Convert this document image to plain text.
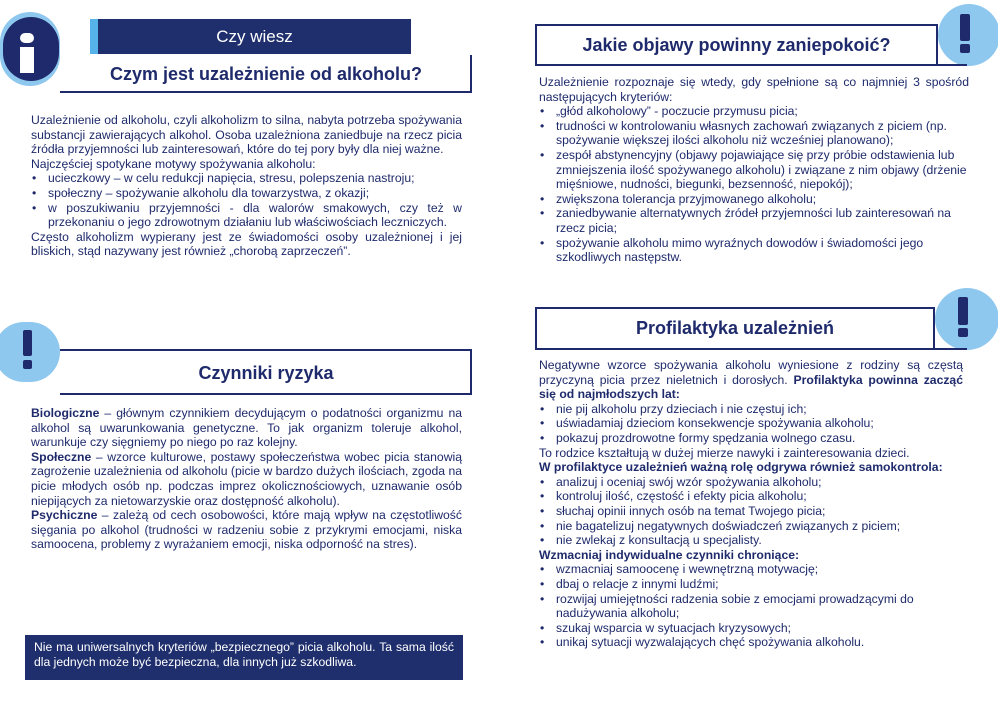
Czy wiesz
Czym jest uzależnienie od alkoholu?

Uzależnienie od alkoholu, czyli alkoholizm to silna, nabyta potrzeba spożywania substancji zawierających alkohol. Osoba uzależniona zaniedbuje na rzecz picia źródła przyjemności lub zainteresowań, które do tej pory były dla niej ważne.

Najczęściej spotykane motywy spożywania alkoholu:

• ucieczkowy – w celu redukcji napięcia, stresu, polepszenia nastroju;
• społeczny – spożywanie alkoholu dla towarzystwa, z okazji;
• w poszukiwaniu przyjemności - dla walorów smakowych, czy też w przekonaniu o jego zdrowotnym działaniu lub właściwościach leczniczych.

Często alkoholizm wypierany jest ze świadomości osoby uzależnionej i jej bliskich, stąd nazywany jest również „chorobą zaprzeczeń”.

Czynniki ryzyka

Biologiczne – głównym czynnikiem decydującym o podatności organizmu na alkohol są uwarunkowania genetyczne. To jak organizm toleruje alkohol, warunkuje czy sięgniemy po niego po raz kolejny.

Społeczne – wzorce kulturowe, postawy społeczeństwa wobec picia stanowią zagrożenie uzależnienia od alkoholu (picie w bardzo dużych ilościach, zgoda na picie młodych osób np. podczas imprez okolicznościowych, uznawanie osób niepijących za nietowarzyskie oraz dostępność alkoholu).

Psychiczne – zależą od cech osobowości, które mają wpływ na częstotliwość sięgania po alkohol (trudności w radzeniu sobie z przykrymi emocjami, niska samoocena, problemy z wyrażaniem emocji, niska odporność na stres).

Nie ma uniwersalnych kryteriów „bezpiecznego” picia alkoholu. Ta sama ilość dla jednych może być bezpieczna, dla innych już szkodliwa.
Jakie objawy powinny zaniepokoić?

Uzależnienie rozpoznaje się wtedy, gdy spełnione są co najmniej 3 spośród następujących kryteriów:

• „głód alkoholowy” - poczucie przymusu picia;
• trudności w kontrolowaniu własnych zachowań związanych z piciem (np. spożywanie większej ilości alkoholu niż wcześniej planowano);
• zespół abstynencyjny (objawy pojawiające się przy próbie odstawienia lub zmniejszenia ilość spożywanego alkoholu) i związane z nim objawy (drżenie mięśniowe, nudności, biegunki, bezsenność, niepokój);
• zwiększona tolerancja przyjmowanego alkoholu;
• zaniedbywanie alternatywnych źródeł przyjemności lub zainteresowań na rzecz picia;
• spożywanie alkoholu mimo wyraźnych dowodów i świadomości jego szkodliwych następstw.
Profilaktyka uzależnień

Negatywne wzorce spożywania alkoholu wyniesione z rodziny są częstą przyczyną picia przez nieletnich i dorosłych. Profilaktyka powinna zacząć się od najmłodszych lat:

• nie pij alkoholu przy dzieciach i nie częstuj ich;
• uświadamiaj dzieciom konsekwencje spożywania alkoholu;
• pokazuj prozdrowotne formy spędzania wolnego czasu.

To rodzice kształtują w dużej mierze nawyki i zainteresowania dzieci.

W profilaktyce uzależnień ważną rolę odgrywa również samokontrola:

• analizuj i oceniaj swój wzór spożywania alkoholu;
• kontroluj ilość, częstość i efekty picia alkoholu;
• słuchaj opinii innych osób na temat Twojego picia;
• nie bagatelizuj negatywnych doświadczeń związanych z piciem;
• nie zwlekaj z konsultacją u specjalisty.

Wzmacniaj indywidualne czynniki chroniące:

• wzmacniaj samoocenę i wewnętrzną motywację;
• dbaj o relacje z innymi ludźmi;
• rozwijaj umiejętności radzenia sobie z emocjami prowadzącymi do nadużywania alkoholu;
• szukaj wsparcia w sytuacjach kryzysowych;
• unikaj sytuacji wyzwalających chęć spożywania alkoholu.
